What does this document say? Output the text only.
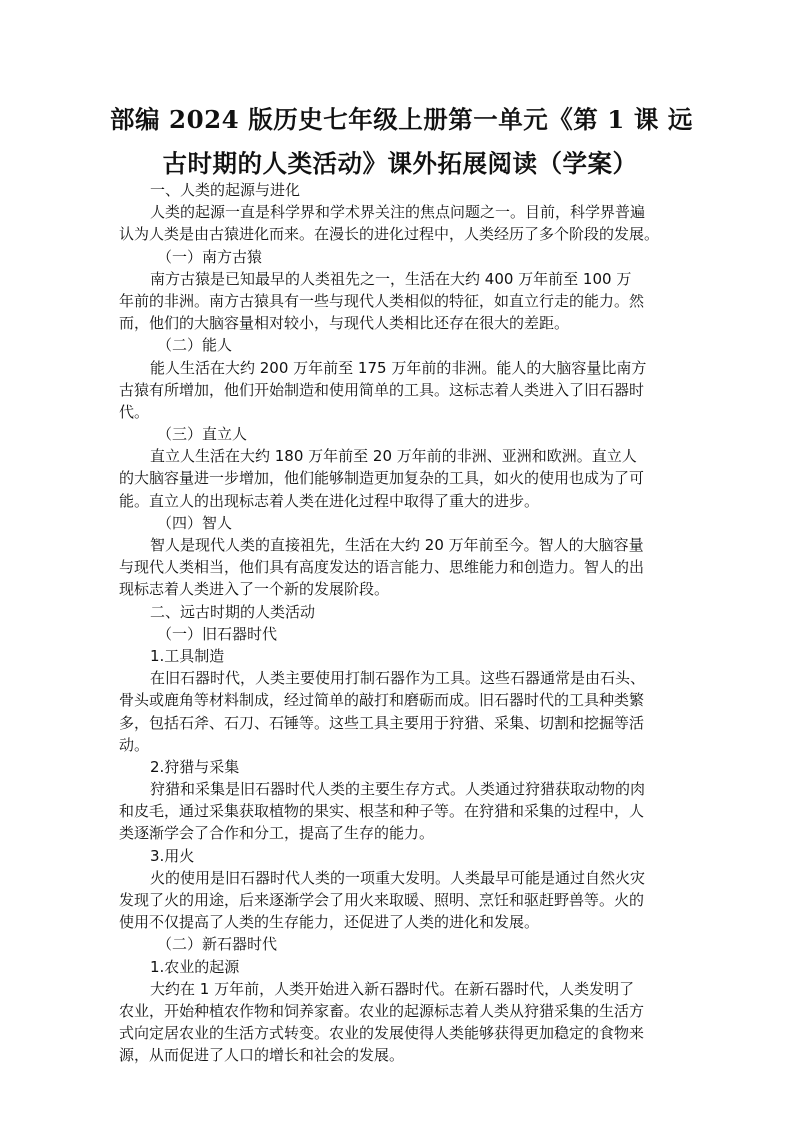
部编 2024 版历史七年级上册第一单元《第 1 课 远
古时期的人类活动》课外拓展阅读（学案）
一、人类的起源与进化
人类的起源一直是科学界和学术界关注的焦点问题之一。目前，科学界普遍
认为人类是由古猿进化而来。在漫长的进化过程中，人类经历了多个阶段的发展。
（一）南方古猿
南方古猿是已知最早的人类祖先之一，生活在大约 400 万年前至 100 万
年前的非洲。南方古猿具有一些与现代人类相似的特征，如直立行走的能力。然
而，他们的大脑容量相对较小，与现代人类相比还存在很大的差距。
（二）能人
能人生活在大约 200 万年前至 175 万年前的非洲。能人的大脑容量比南方
古猿有所增加，他们开始制造和使用简单的工具。这标志着人类进入了旧石器时
代。
（三）直立人
直立人生活在大约 180 万年前至 20 万年前的非洲、亚洲和欧洲。直立人
的大脑容量进一步增加，他们能够制造更加复杂的工具，如火的使用也成为了可
能。直立人的出现标志着人类在进化过程中取得了重大的进步。
（四）智人
智人是现代人类的直接祖先，生活在大约 20 万年前至今。智人的大脑容量
与现代人类相当，他们具有高度发达的语言能力、思维能力和创造力。智人的出
现标志着人类进入了一个新的发展阶段。
二、远古时期的人类活动
（一）旧石器时代
1.工具制造
在旧石器时代，人类主要使用打制石器作为工具。这些石器通常是由石头、
骨头或鹿角等材料制成，经过简单的敲打和磨砺而成。旧石器时代的工具种类繁
多，包括石斧、石刀、石锤等。这些工具主要用于狩猎、采集、切割和挖掘等活
动。
2.狩猎与采集
狩猎和采集是旧石器时代人类的主要生存方式。人类通过狩猎获取动物的肉
和皮毛，通过采集获取植物的果实、根茎和种子等。在狩猎和采集的过程中，人
类逐渐学会了合作和分工，提高了生存的能力。
3.用火
火的使用是旧石器时代人类的一项重大发明。人类最早可能是通过自然火灾
发现了火的用途，后来逐渐学会了用火来取暖、照明、烹饪和驱赶野兽等。火的
使用不仅提高了人类的生存能力，还促进了人类的进化和发展。
（二）新石器时代
1.农业的起源
大约在 1 万年前，人类开始进入新石器时代。在新石器时代，人类发明了
农业，开始种植农作物和饲养家畜。农业的起源标志着人类从狩猎采集的生活方
式向定居农业的生活方式转变。农业的发展使得人类能够获得更加稳定的食物来
源，从而促进了人口的增长和社会的发展。
